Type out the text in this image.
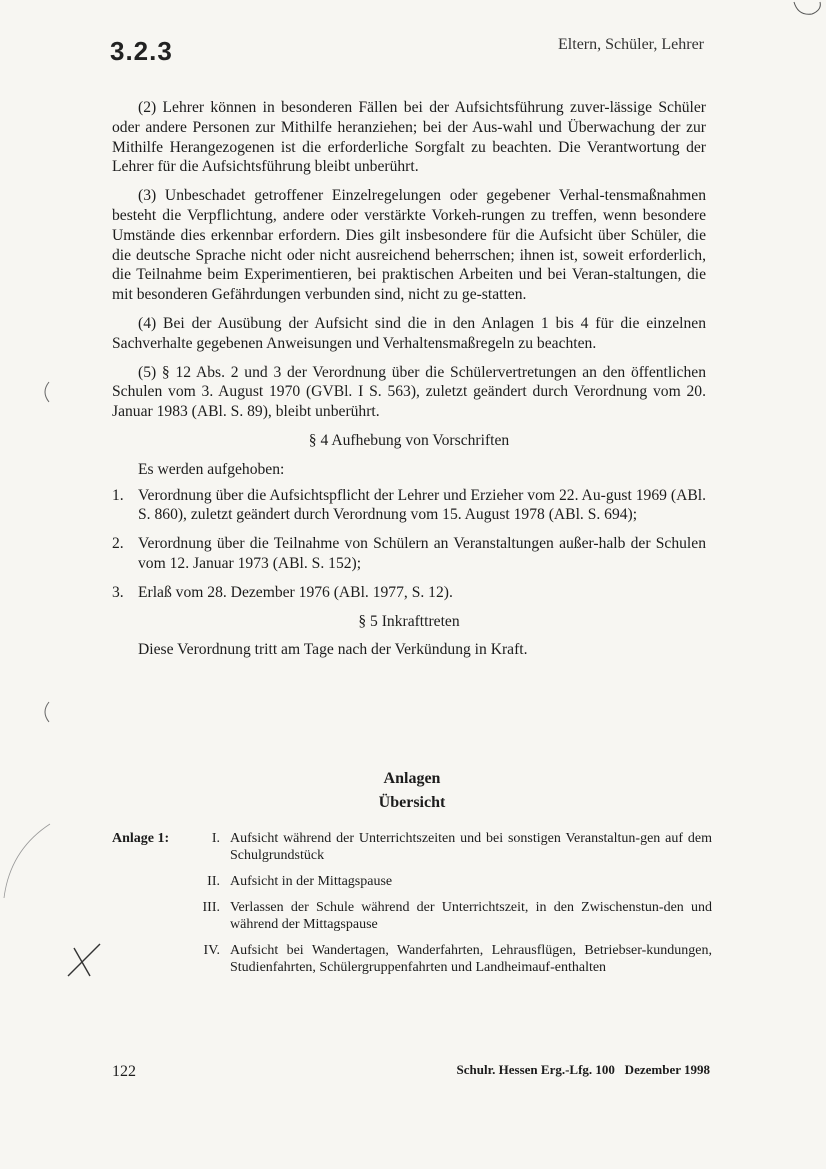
3.2.3	Eltern, Schüler, Lehrer

(2) Lehrer können in besonderen Fällen bei der Aufsichtsführung zuver-lässige Schüler oder andere Personen zur Mithilfe heranziehen; bei der Aus-wahl und Überwachung der zur Mithilfe Herangezogenen ist die erforderliche Sorgfalt zu beachten. Die Verantwortung der Lehrer für die Aufsichtsführung bleibt unberührt.

(3) Unbeschadet getroffener Einzelregelungen oder gegebener Verhal-tensmaßnahmen besteht die Verpflichtung, andere oder verstärkte Vorkeh-rungen zu treffen, wenn besondere Umstände dies erkennbar erfordern. Dies gilt insbesondere für die Aufsicht über Schüler, die die deutsche Sprache nicht oder nicht ausreichend beherrschen; ihnen ist, soweit erforderlich, die Teilnahme beim Experimentieren, bei praktischen Arbeiten und bei Veran-staltungen, die mit besonderen Gefährdungen verbunden sind, nicht zu ge-statten.

(4) Bei der Ausübung der Aufsicht sind die in den Anlagen 1 bis 4 für die einzelnen Sachverhalte gegebenen Anweisungen und Verhaltensmaßregeln zu beachten.

(5) § 12 Abs. 2 und 3 der Verordnung über die Schülervertretungen an den öffentlichen Schulen vom 3. August 1970 (GVBl. I S. 563), zuletzt geändert durch Verordnung vom 20. Januar 1983 (ABl. S. 89), bleibt unberührt.

§ 4 Aufhebung von Vorschriften

Es werden aufgehoben:

1. Verordnung über die Aufsichtspflicht der Lehrer und Erzieher vom 22. Au-gust 1969 (ABl. S. 860), zuletzt geändert durch Verordnung vom 15. August 1978 (ABl. S. 694);
2. Verordnung über die Teilnahme von Schülern an Veranstaltungen außer-halb der Schulen vom 12. Januar 1973 (ABl. S. 152);
3. Erlaß vom 28. Dezember 1976 (ABl. 1977, S. 12).

§ 5 Inkrafttreten

Diese Verordnung tritt am Tage nach der Verkündung in Kraft.

Anlagen

Übersicht

Anlage 1:	I. Aufsicht während der Unterrichtszeiten und bei sonstigen Veranstaltun-gen auf dem Schulgrundstück
II. Aufsicht in der Mittagspause
III. Verlassen der Schule während der Unterrichtszeit, in den Zwischenstun-den und während der Mittagspause
IV. Aufsicht bei Wandertagen, Wanderfahrten, Lehrausflügen, Betriebser-kundungen, Studienfahrten, Schülergruppenfahrten und Landheimauf-enthalten
122	Schulr. Hessen Erg.-Lfg. 100   Dezember 1998
